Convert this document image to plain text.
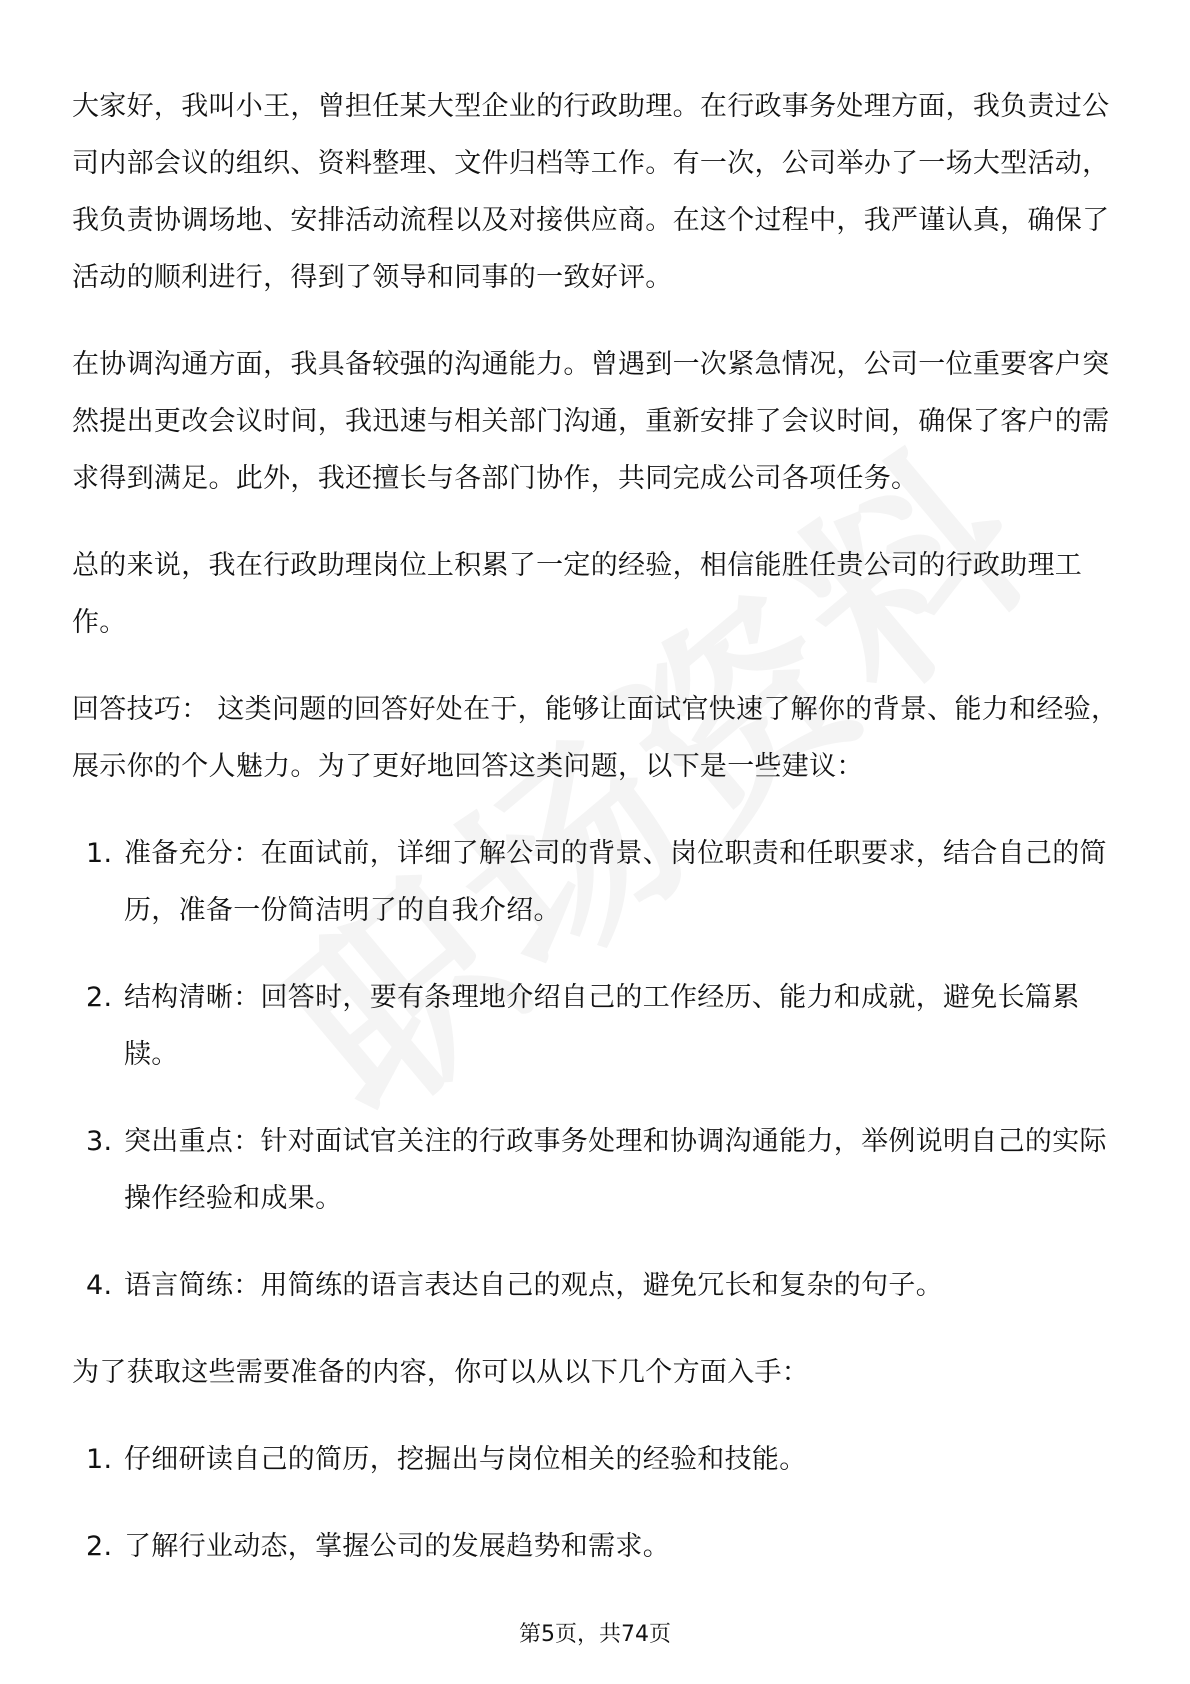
大家好，我叫小王，曾担任某大型企业的行政助理。在行政事务处理方面，我负责过公司内部会议的组织、资料整理、文件归档等工作。有一次，公司举办了一场大型活动，我负责协调场地、安排活动流程以及对接供应商。在这个过程中，我严谨认真，确保了活动的顺利进行，得到了领导和同事的一致好评。

在协调沟通方面，我具备较强的沟通能力。曾遇到一次紧急情况，公司一位重要客户突然提出更改会议时间，我迅速与相关部门沟通，重新安排了会议时间，确保了客户的需求得到满足。此外，我还擅长与各部门协作，共同完成公司各项任务。

总的来说，我在行政助理岗位上积累了一定的经验，相信能胜任贵公司的行政助理工作。

回答技巧： 这类问题的回答好处在于，能够让面试官快速了解你的背景、能力和经验，展示你的个人魅力。为了更好地回答这类问题，以下是一些建议：

1. 准备充分：在面试前，详细了解公司的背景、岗位职责和任职要求，结合自己的简历，准备一份简洁明了的自我介绍。
2. 结构清晰：回答时，要有条理地介绍自己的工作经历、能力和成就，避免长篇累牍。
3. 突出重点：针对面试官关注的行政事务处理和协调沟通能力，举例说明自己的实际操作经验和成果。
4. 语言简练：用简练的语言表达自己的观点，避免冗长和复杂的句子。

为了获取这些需要准备的内容，你可以从以下几个方面入手：

1. 仔细研读自己的简历，挖掘出与岗位相关的经验和技能。
2. 了解行业动态，掌握公司的发展趋势和需求。
第5页，共74页
